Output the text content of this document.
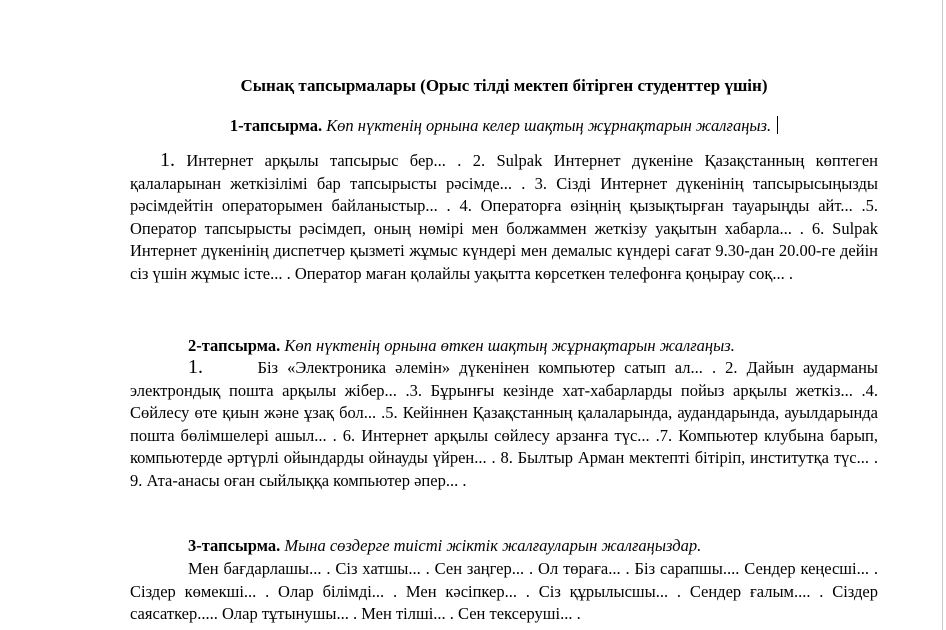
Сынақ тапсырмалары (Орыс тілді мектеп бітірген студенттер үшін)
1-тапсырма. Көп нүктенің орнына келер шақтың жұрнақтарын жалғаңыз.
1. Интернет арқылы тапсырыс бер... . 2. Sulpak Интернет дүкеніне Қазақстанның көптеген қалаларынан жеткізілімі бар тапсырысты рәсімде... . 3. Сізді Интернет дүкенінің тапсырысыңызды рәсімдейтін операторымен байланыстыр... . 4. Операторға өзіңнің қызықтырған тауарыңды айт... .5. Оператор тапсырысты рәсімдеп, оның нөмірі мен болжаммен жеткізу уақытын хабарла... . 6. Sulpak Интернет дүкенінің диспетчер қызметі жұмыс күндері мен демалыс күндері сағат 9.30-дан 20.00-ге дейін сіз үшін жұмыс істе... . Оператор маған қолайлы уақытта көрсеткен телефонға қоңырау соқ... .
2-тапсырма. Көп нүктенің орнына өткен шақтың жұрнақтарын жалғаңыз.
1.	Біз «Электроника әлемін» дүкенінен компьютер сатып ал... . 2. Дайын аударманы электрондық пошта арқылы жібер... .3. Бұрынғы кезінде хат-хабарларды пойыз арқылы жеткіз... .4. Сөйлесу өте қиын және ұзақ бол... .5. Кейіннен Қазақстанның қалаларында, аудандарында, ауылдарында пошта бөлімшелері ашыл... . 6. Интернет арқылы сөйлесу арзанға түс... .7. Компьютер клубына барып, компьютерде әртүрлі ойындарды ойнауды үйрен... . 8. Былтыр Арман мектепті бітіріп, институтқа түс... . 9. Ата-анасы оған сыйлыққа компьютер әпер... .
3-тапсырма. Мына сөздерге тиісті жіктік жалғауларын жалғаңыздар.
Мен бағдарлашы... . Сіз хатшы... . Сен заңгер... . Ол төраға... . Біз сарапшы.... Сендер кеңесші... . Сіздер көмекші... . Олар білімді... . Мен кәсіпкер... . Сіз құрылысшы... . Сендер ғалым.... . Сіздер саясаткер..... Олар тұтынушы... . Мен тілші... . Сен тексеруші... .
